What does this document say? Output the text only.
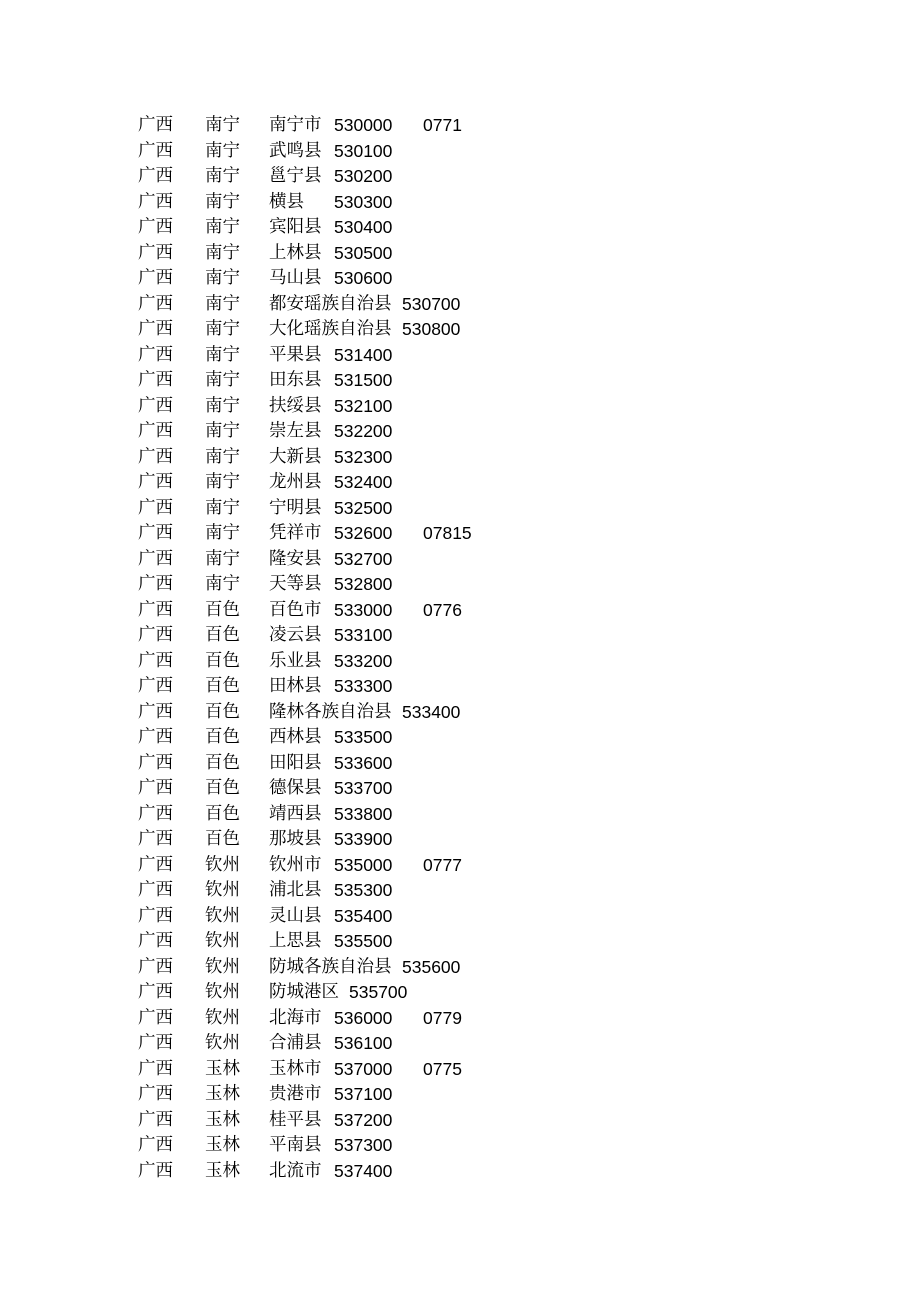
广西 南宁 南宁市 530000 0771
广西 南宁 武鸣县 530100
广西 南宁 邕宁县 530200
广西 南宁 横县 530300
广西 南宁 宾阳县 530400
广西 南宁 上林县 530500
广西 南宁 马山县 530600
广西 南宁 都安瑶族自治县 530700
广西 南宁 大化瑶族自治县 530800
广西 南宁 平果县 531400
广西 南宁 田东县 531500
广西 南宁 扶绥县 532100
广西 南宁 崇左县 532200
广西 南宁 大新县 532300
广西 南宁 龙州县 532400
广西 南宁 宁明县 532500
广西 南宁 凭祥市 532600 07815
广西 南宁 隆安县 532700
广西 南宁 天等县 532800
广西 百色 百色市 533000 0776
广西 百色 凌云县 533100
广西 百色 乐业县 533200
广西 百色 田林县 533300
广西 百色 隆林各族自治县 533400
广西 百色 西林县 533500
广西 百色 田阳县 533600
广西 百色 德保县 533700
广西 百色 靖西县 533800
广西 百色 那坡县 533900
广西 钦州 钦州市 535000 0777
广西 钦州 浦北县 535300
广西 钦州 灵山县 535400
广西 钦州 上思县 535500
广西 钦州 防城各族自治县 535600
广西 钦州 防城港区 535700
广西 钦州 北海市 536000 0779
广西 钦州 合浦县 536100
广西 玉林 玉林市 537000 0775
广西 玉林 贵港市 537100
广西 玉林 桂平县 537200
广西 玉林 平南县 537300
广西 玉林 北流市 537400
